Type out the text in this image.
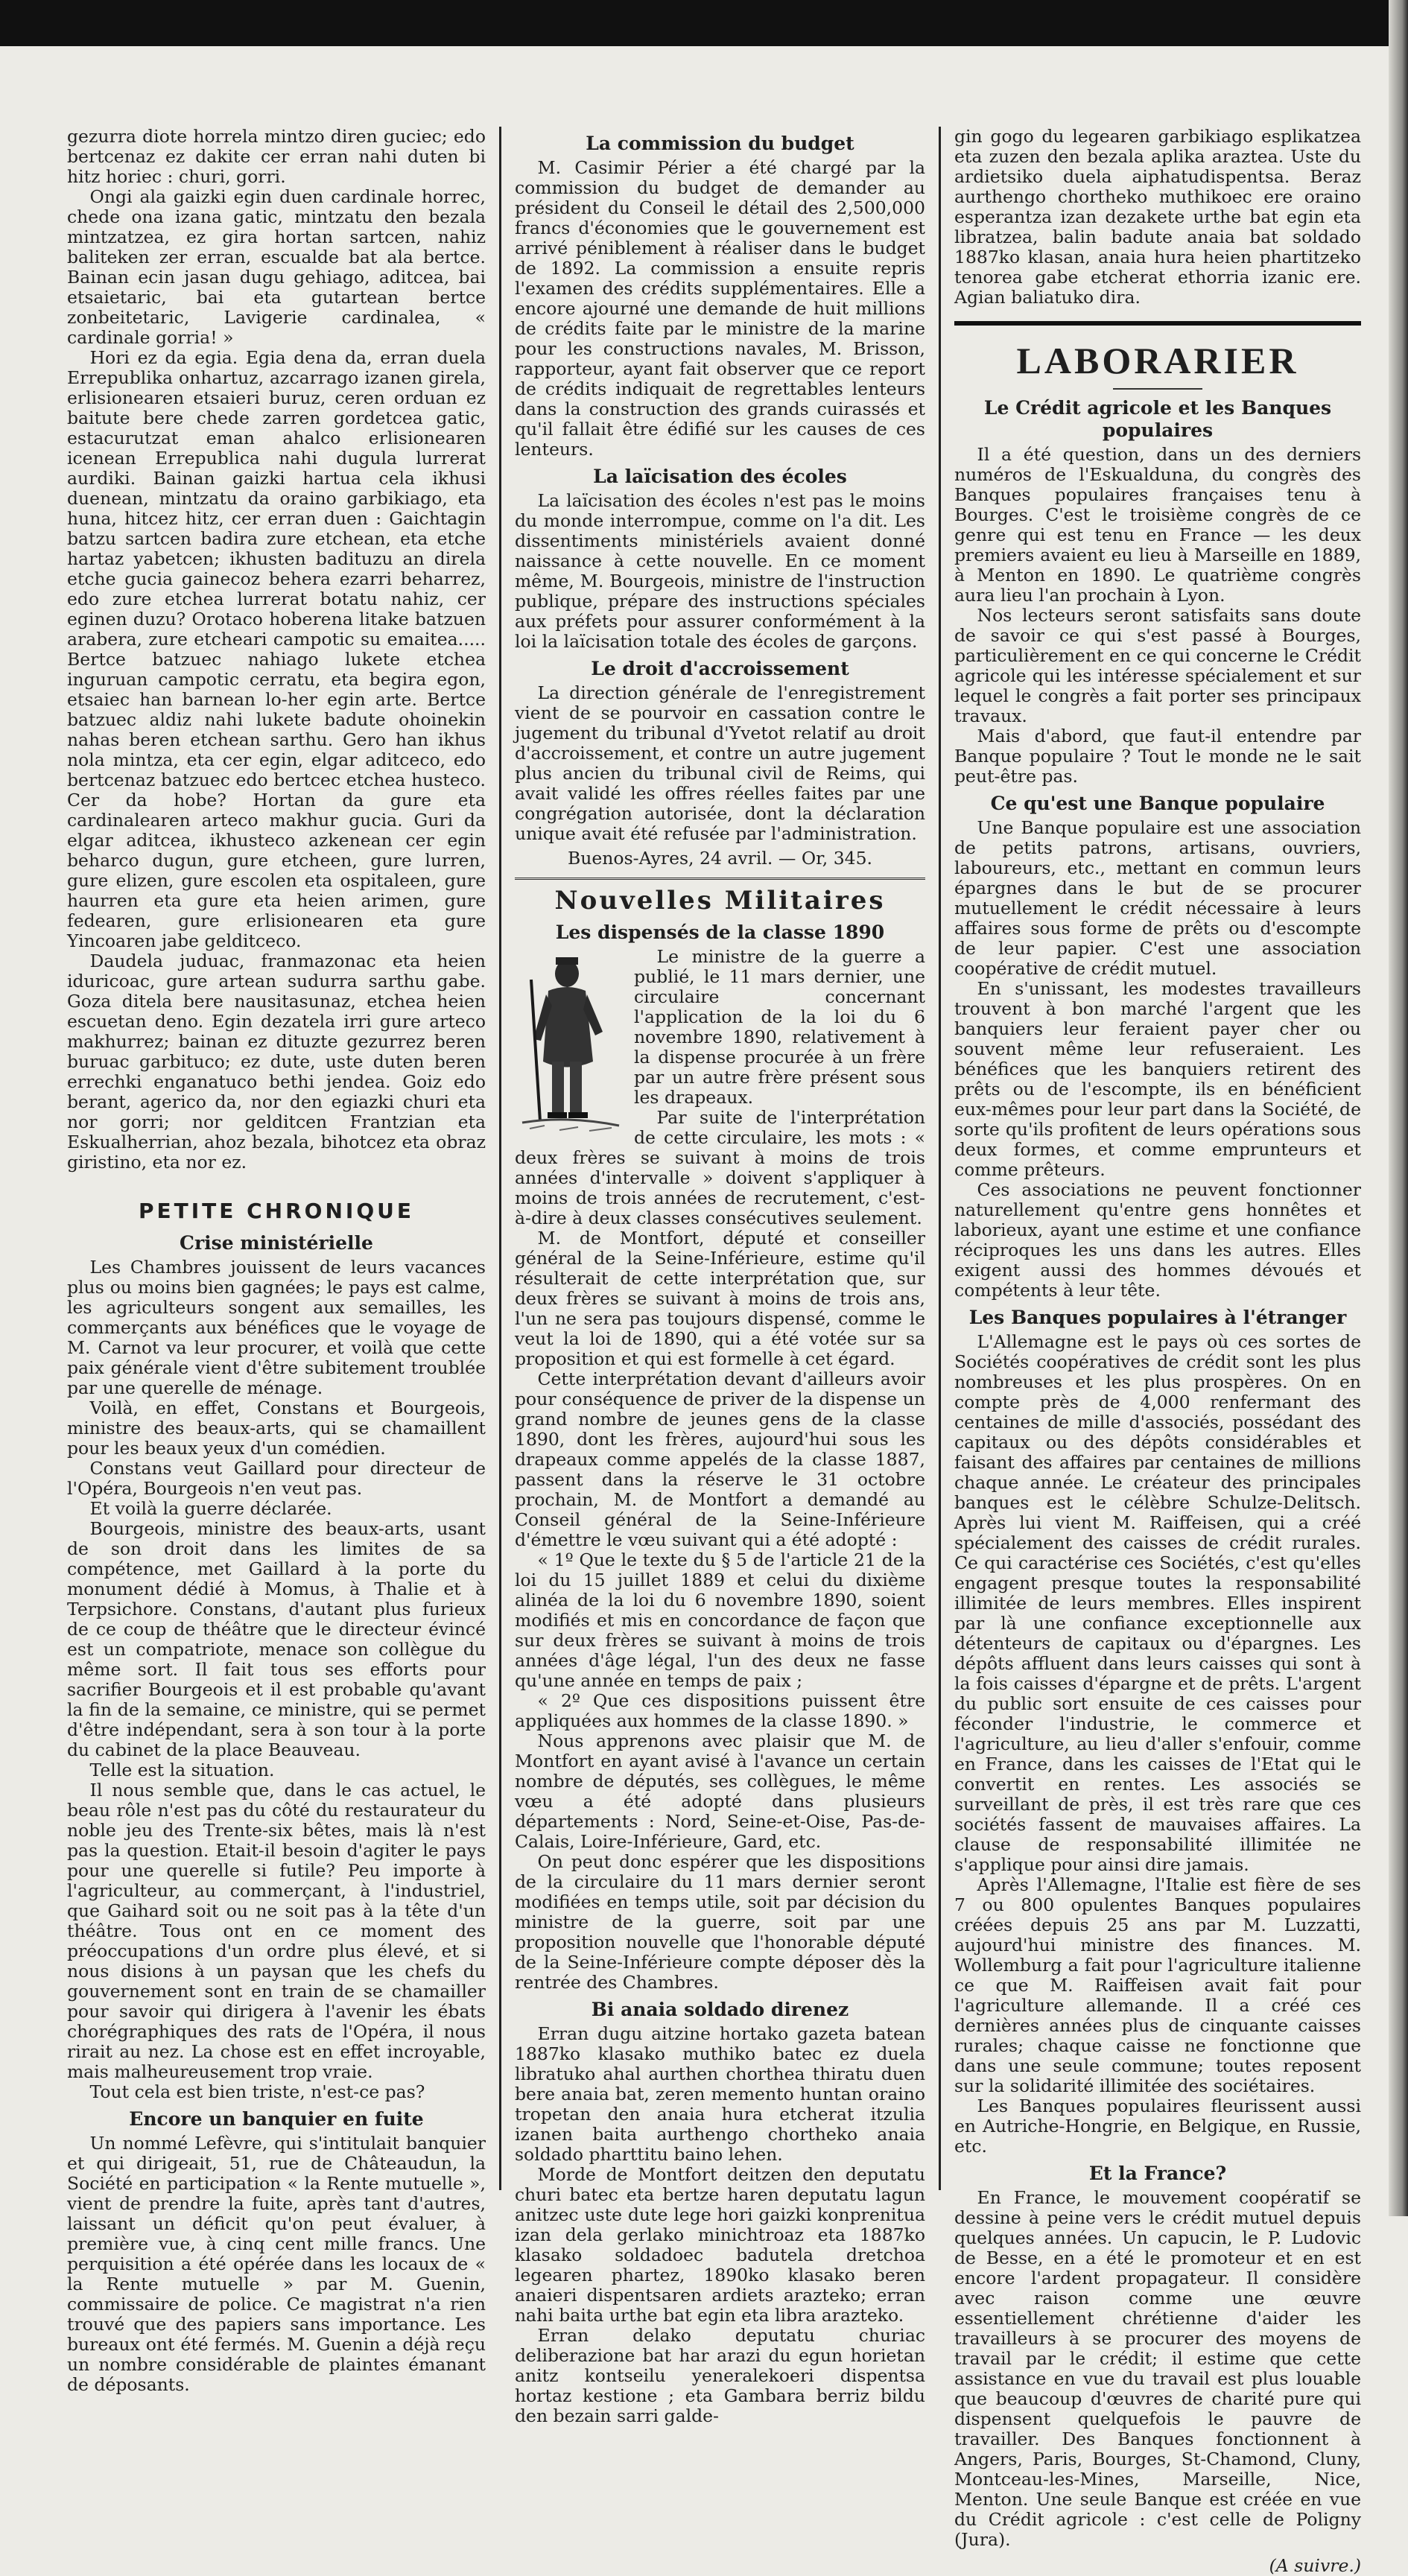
gezurra diote horrela mintzo diren guciec; edo bertcenaz ez dakite cer erran nahi duten bi hitz horiec : churi, gorri.

Ongi ala gaizki egin duen cardinale horrec, chede ona izana gatic, mintzatu den bezala mintzatzea, ez gira hortan sartcen, nahiz baliteken zer erran, escualde bat ala bertce. Bainan ecin jasan dugu gehiago, aditcea, bai etsaietaric, bai eta gutartean bertce zonbeitetaric, Lavigerie cardinalea, « cardinale gorria! »

Hori ez da egia. Egia dena da, erran duela Errepublika onhartuz, azcarrago izanen girela, erlisionearen etsaieri buruz, ceren orduan ez baitute bere chede zarren gordetcea gatic, estacurutzat eman ahalco erlisionearen icenean Errepublica nahi dugula lurrerat aurdiki. Bainan gaizki hartua cela ikhusi duenean, mintzatu da oraino garbikiago, eta huna, hitcez hitz, cer erran duen : Gaichtagin batzu sartcen badira zure etchean, eta etche hartaz yabetcen; ikhusten badituzu an direla etche gucia gainecoz behera ezarri beharrez, edo zure etchea lurrerat botatu nahiz, cer eginen duzu? Orotaco hoberena litake batzuen arabera, zure etcheari campotic su emaitea..... Bertce batzuec nahiago lukete etchea inguruan campotic cerratu, eta begira egon, etsaiec han barnean lo-her egin arte. Bertce batzuec aldiz nahi lukete badute ohoinekin nahas beren etchean sarthu. Gero han ikhus nola mintza, eta cer egin, elgar aditceco, edo bertcenaz batzuec edo bertcec etchea husteco. Cer da hobe? Hortan da gure eta cardinalearen arteco makhur gucia. Guri da elgar aditcea, ikhusteco azkenean cer egin beharco dugun, gure etcheen, gure lurren, gure elizen, gure escolen eta ospitaleen, gure haurren eta gure eta heien arimen, gure fedearen, gure erlisionearen eta gure Yincoaren jabe gelditceco.

Daudela juduac, franmazonac eta heien iduricoac, gure artean sudurra sarthu gabe. Goza ditela bere nausitasunaz, etchea heien escuetan deno. Egin dezatela irri gure arteco makhurrez; bainan ez dituzte gezurrez beren buruac garbituco; ez dute, uste duten beren errechki enganatuco bethi jendea. Goiz edo berant, agerico da, nor den egiazki churi eta nor gorri; nor gelditcen Frantzian eta Eskualherrian, ahoz bezala, bihotcez eta obraz giristino, eta nor ez.

PETITE CHRONIQUE
Crise ministérielle

Les Chambres jouissent de leurs vacances plus ou moins bien gagnées; le pays est calme, les agriculteurs songent aux semailles, les commerçants aux bénéfices que le voyage de M. Carnot va leur procurer, et voilà que cette paix générale vient d'être subitement troublée par une querelle de ménage.

Voilà, en effet, Constans et Bourgeois, ministre des beaux-arts, qui se chamaillent pour les beaux yeux d'un comédien.

Constans veut Gaillard pour directeur de l'Opéra, Bourgeois n'en veut pas.

Et voilà la guerre déclarée.

Bourgeois, ministre des beaux-arts, usant de son droit dans les limites de sa compétence, met Gaillard à la porte du monument dédié à Momus, à Thalie et à Terpsichore. Constans, d'autant plus furieux de ce coup de théâtre que le directeur évincé est un compatriote, menace son collègue du même sort. Il fait tous ses efforts pour sacrifier Bourgeois et il est probable qu'avant la fin de la semaine, ce ministre, qui se permet d'être indépendant, sera à son tour à la porte du cabinet de la place Beauveau.

Telle est la situation.

Il nous semble que, dans le cas actuel, le beau rôle n'est pas du côté du restaurateur du noble jeu des Trente-six bêtes, mais là n'est pas la question. Etait-il besoin d'agiter le pays pour une querelle si futile? Peu importe à l'agriculteur, au commerçant, à l'industriel, que Gaihard soit ou ne soit pas à la tête d'un théâtre. Tous ont en ce moment des préoccupations d'un ordre plus élevé, et si nous disions à un paysan que les chefs du gouvernement sont en train de se chamailler pour savoir qui dirigera à l'avenir les ébats chorégraphiques des rats de l'Opéra, il nous rirait au nez. La chose est en effet incroyable, mais malheureusement trop vraie.

Tout cela est bien triste, n'est-ce pas?

Encore un banquier en fuite

Un nommé Lefèvre, qui s'intitulait banquier et qui dirigeait, 51, rue de Châteaudun, la Société en participation « la Rente mutuelle », vient de prendre la fuite, après tant d'autres, laissant un déficit qu'on peut évaluer, à première vue, à cinq cent mille francs. Une perquisition a été opérée dans les locaux de « la Rente mutuelle » par M. Guenin, commissaire de police. Ce magistrat n'a rien trouvé que des papiers sans importance. Les bureaux ont été fermés. M. Guenin a déjà reçu un nombre considérable de plaintes émanant de déposants.

La commission du budget

M. Casimir Périer a été chargé par la commission du budget de demander au président du Conseil le détail des 2,500,000 francs d'économies que le gouvernement est arrivé péniblement à réaliser dans le budget de 1892. La commission a ensuite repris l'examen des crédits supplémentaires. Elle a encore ajourné une demande de huit millions de crédits faite par le ministre de la marine pour les constructions navales, M. Brisson, rapporteur, ayant fait observer que ce report de crédits indiquait de regrettables lenteurs dans la construction des grands cuirassés et qu'il fallait être édifié sur les causes de ces lenteurs.

La laïcisation des écoles

La laïcisation des écoles n'est pas le moins du monde interrompue, comme on l'a dit. Les dissentiments ministériels avaient donné naissance à cette nouvelle. En ce moment même, M. Bourgeois, ministre de l'instruction publique, prépare des instructions spéciales aux préfets pour assurer conformément à la loi la laïcisation totale des écoles de garçons.

Le droit d'accroissement

La direction générale de l'enregistrement vient de se pourvoir en cassation contre le jugement du tribunal d'Yvetot relatif au droit d'accroissement, et contre un autre jugement plus ancien du tribunal civil de Reims, qui avait validé les offres réelles faites par une congrégation autorisée, dont la déclaration unique avait été refusée par l'administration.

Buenos-Ayres, 24 avril. — Or, 345.
Nouvelles Militaires
Les dispensés de la classe 1890

Le ministre de la guerre a publié, le 11 mars dernier, une circulaire concernant l'application de la loi du 6 novembre 1890, relativement à la dispense procurée à un frère par un autre frère présent sous les drapeaux.

Par suite de l'interprétation de cette circulaire, les mots : « deux frères se suivant à moins de trois années d'intervalle » doivent s'appliquer à moins de trois années de recrutement, c'est-à-dire à deux classes consécutives seulement.

M. de Montfort, député et conseiller général de la Seine-Inférieure, estime qu'il résulterait de cette interprétation que, sur deux frères se suivant à moins de trois ans, l'un ne sera pas toujours dispensé, comme le veut la loi de 1890, qui a été votée sur sa proposition et qui est formelle à cet égard.

Cette interprétation devant d'ailleurs avoir pour conséquence de priver de la dispense un grand nombre de jeunes gens de la classe 1890, dont les frères, aujourd'hui sous les drapeaux comme appelés de la classe 1887, passent dans la réserve le 31 octobre prochain, M. de Montfort a demandé au Conseil général de la Seine-Inférieure d'émettre le vœu suivant qui a été adopté :

« 1º Que le texte du § 5 de l'article 21 de la loi du 15 juillet 1889 et celui du dixième alinéa de la loi du 6 novembre 1890, soient modifiés et mis en concordance de façon que sur deux frères se suivant à moins de trois années d'âge légal, l'un des deux ne fasse qu'une année en temps de paix ;

« 2º Que ces dispositions puissent être appliquées aux hommes de la classe 1890. »

Nous apprenons avec plaisir que M. de Montfort en ayant avisé à l'avance un certain nombre de députés, ses collègues, le même vœu a été adopté dans plusieurs départements : Nord, Seine-et-Oise, Pas-de-Calais, Loire-Inférieure, Gard, etc.

On peut donc espérer que les dispositions de la circulaire du 11 mars dernier seront modifiées en temps utile, soit par décision du ministre de la guerre, soit par une proposition nouvelle que l'honorable député de la Seine-Inférieure compte déposer dès la rentrée des Chambres.

Bi anaia soldado direnez

Erran dugu aitzine hortako gazeta batean 1887ko klasako muthiko batec ez duela libratuko ahal aurthen chorthea thiratu duen bere anaia bat, zeren memento huntan oraino tropetan den anaia hura etcherat itzulia izanen baita aurthengo chortheko anaia soldado pharttitu baino lehen.

Morde de Montfort deitzen den deputatu churi batec eta bertze haren deputatu lagun anitzec uste dute lege hori gaizki konprenitua izan dela gerlako minichtroaz eta 1887ko klasako soldadoec badutela dretchoa legearen phartez, 1890ko klasako beren anaieri dispentsaren ardiets arazteko; erran nahi baita urthe bat egin eta libra arazteko.

Erran delako deputatu churiac deliberazione bat har arazi du egun horietan anitz kontseilu yeneralekoeri dispentsa hortaz kestione ; eta Gambara berriz bildu den bezain sarri galde-

gin gogo du legearen garbikiago esplikatzea eta zuzen den bezala aplika araztea. Uste du ardietsiko duela aiphatudispentsa. Beraz aurthengo chortheko muthikoec ere oraino esperantza izan dezakete urthe bat egin eta libratzea, balin badute anaia bat soldado 1887ko klasan, anaia hura heien phartitzeko tenorea gabe etcherat ethorria izanic ere. Agian baliatuko dira.

LABORARIER
Le Crédit agricole et les Banques populaires

Il a été question, dans un des derniers numéros de l'Eskualduna, du congrès des Banques populaires françaises tenu à Bourges. C'est le troisième congrès de ce genre qui est tenu en France — les deux premiers avaient eu lieu à Marseille en 1889, à Menton en 1890. Le quatrième congrès aura lieu l'an prochain à Lyon.

Nos lecteurs seront satisfaits sans doute de savoir ce qui s'est passé à Bourges, particulièrement en ce qui concerne le Crédit agricole qui les intéresse spécialement et sur lequel le congrès a fait porter ses principaux travaux.

Mais d'abord, que faut-il entendre par Banque populaire ? Tout le monde ne le sait peut-être pas.

Ce qu'est une Banque populaire

Une Banque populaire est une association de petits patrons, artisans, ouvriers, laboureurs, etc., mettant en commun leurs épargnes dans le but de se procurer mutuellement le crédit nécessaire à leurs affaires sous forme de prêts ou d'escompte de leur papier. C'est une association coopérative de crédit mutuel.

En s'unissant, les modestes travailleurs trouvent à bon marché l'argent que les banquiers leur feraient payer cher ou souvent même leur refuseraient. Les bénéfices que les banquiers retirent des prêts ou de l'escompte, ils en bénéficient eux-mêmes pour leur part dans la Société, de sorte qu'ils profitent de leurs opérations sous deux formes, et comme emprunteurs et comme prêteurs.

Ces associations ne peuvent fonctionner naturellement qu'entre gens honnêtes et laborieux, ayant une estime et une confiance réciproques les uns dans les autres. Elles exigent aussi des hommes dévoués et compétents à leur tête.

Les Banques populaires à l'étranger

L'Allemagne est le pays où ces sortes de Sociétés coopératives de crédit sont les plus nombreuses et les plus prospères. On en compte près de 4,000 renfermant des centaines de mille d'associés, possédant des capitaux ou des dépôts considérables et faisant des affaires par centaines de millions chaque année. Le créateur des principales banques est le célèbre Schulze-Delitsch. Après lui vient M. Raiffeisen, qui a créé spécialement des caisses de crédit rurales. Ce qui caractérise ces Sociétés, c'est qu'elles engagent presque toutes la responsabilité illimitée de leurs membres. Elles inspirent par là une confiance exceptionnelle aux détenteurs de capitaux ou d'épargnes. Les dépôts affluent dans leurs caisses qui sont à la fois caisses d'épargne et de prêts. L'argent du public sort ensuite de ces caisses pour féconder l'industrie, le commerce et l'agriculture, au lieu d'aller s'enfouir, comme en France, dans les caisses de l'Etat qui le convertit en rentes. Les associés se surveillant de près, il est très rare que ces sociétés fassent de mauvaises affaires. La clause de responsabilité illimitée ne s'applique pour ainsi dire jamais.

Après l'Allemagne, l'Italie est fière de ses 7 ou 800 opulentes Banques populaires créées depuis 25 ans par M. Luzzatti, aujourd'hui ministre des finances. M. Wollemburg a fait pour l'agriculture italienne ce que M. Raiffeisen avait fait pour l'agriculture allemande. Il a créé ces dernières années plus de cinquante caisses rurales; chaque caisse ne fonctionne que dans une seule commune; toutes reposent sur la solidarité illimitée des sociétaires.

Les Banques populaires fleurissent aussi en Autriche-Hongrie, en Belgique, en Russie, etc.

Et la France?

En France, le mouvement coopératif se dessine à peine vers le crédit mutuel depuis quelques années. Un capucin, le P. Ludovic de Besse, en a été le promoteur et en est encore l'ardent propagateur. Il considère avec raison comme une œuvre essentiellement chrétienne d'aider les travailleurs à se procurer des moyens de travail par le crédit; il estime que cette assistance en vue du travail est plus louable que beaucoup d'œuvres de charité pure qui dispensent quelquefois le pauvre de travailler. Des Banques fonctionnent à Angers, Paris, Bourges, St-Chamond, Cluny, Montceau-les-Mines, Marseille, Nice, Menton. Une seule Banque est créée en vue du Crédit agricole : c'est celle de Poligny (Jura).

(A suivre.)
